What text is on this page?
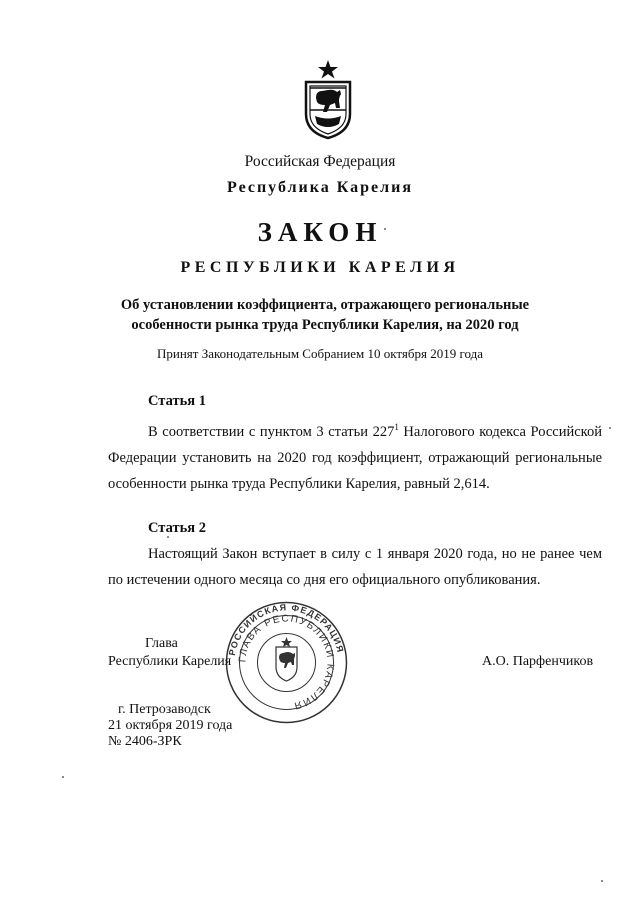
Российская Федерация
Республика Карелия
ЗАКОН
РЕСПУБЛИКИ КАРЕЛИЯ
Об установлении коэффициента, отражающего региональные особенности рынка труда Республики Карелия, на 2020 год
Принят Законодательным Собранием 10 октября 2019 года
Статья 1
В соответствии с пунктом 3 статьи $227^1$ Налогового кодекса Российской Федерации установить на 2020 год коэффициент, отражающий региональные особенности рынка труда Республики Карелия, равный 2,614.
Статья 2
Настоящий Закон вступает в силу с 1 января 2020 года, но не ранее чем по истечении одного месяца со дня его официального опубликования.
РОССИЙСКАЯ ФЕДЕРАЦИЯ
ГЛАВА РЕСПУБЛИКИ КАРЕЛИЯ
Глава
Республики Карелия	А.О. Парфенчиков
г. Петрозаводск
21 октября 2019 года
№ 2406-ЗРК
